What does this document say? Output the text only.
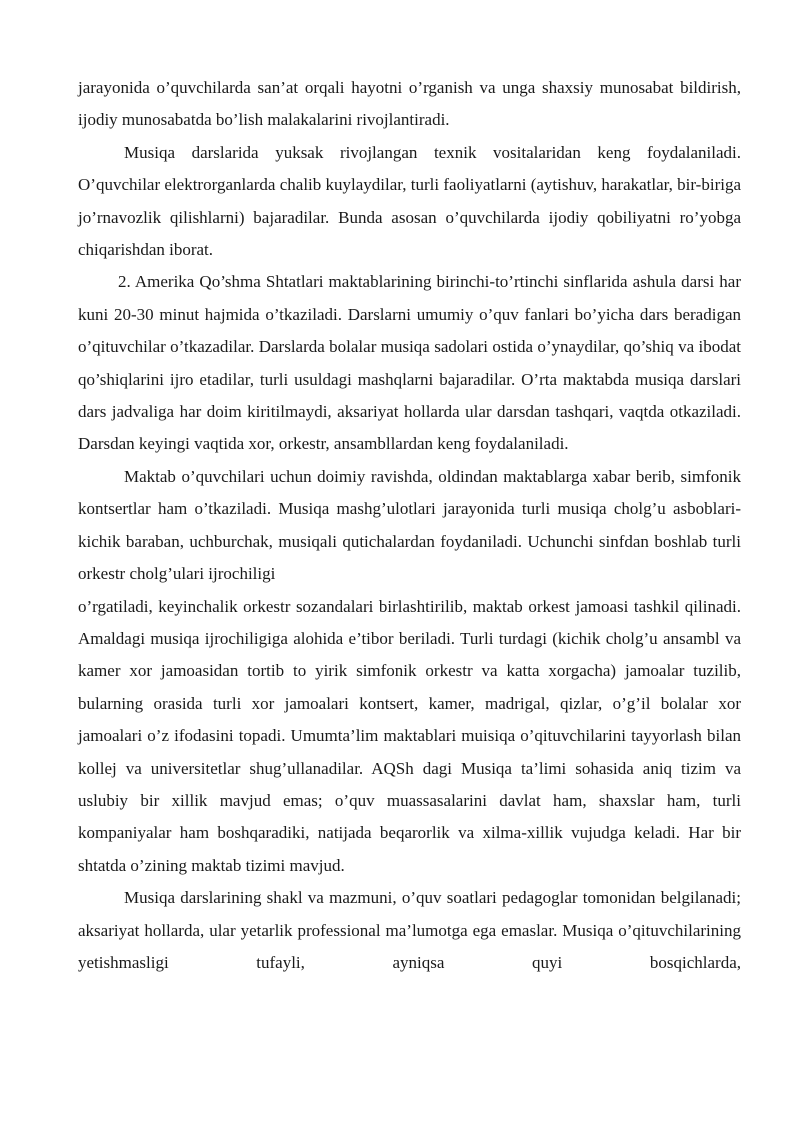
jarayonida o’quvchilarda san’at orqali hayotni o’rganish va unga shaxsiy munosabat bildirish, ijodiy munosabatda bo’lish malakalarini rivojlantiradi.

Musiqa darslarida yuksak rivojlangan texnik vositalaridan keng foydalaniladi. O’quvchilar elektrorganlarda chalib kuylaydilar, turli faoliyatlarni (aytishuv, harakatlar, bir-biriga jo’rnavozlik qilishlarni) bajaradilar. Bunda asosan o’quvchilarda ijodiy qobiliyatni ro’yobga chiqarishdan iborat.

2. Amerika Qo’shma Shtatlari maktablarining birinchi-to’rtinchi sinflarida ashula darsi har kuni 20-30 minut hajmida o’tkaziladi. Darslarni umumiy o’quv fanlari bo’yicha dars beradigan o’qituvchilar o’tkazadilar. Darslarda bolalar musiqa sadolari ostida o’ynaydilar, qo’shiq va ibodat qo’shiqlarini ijro etadilar, turli usuldagi mashqlarni bajaradilar. O’rta maktabda musiqa darslari dars jadvaliga har doim kiritilmaydi, aksariyat hollarda ular darsdan tashqari, vaqtda otkaziladi. Darsdan keyingi vaqtida xor, orkestr, ansambllardan keng foydalaniladi.

Maktab o’quvchilari uchun doimiy ravishda, oldindan maktablarga xabar berib, simfonik kontsertlar ham o’tkaziladi. Musiqa mashg’ulotlari jarayonida turli musiqa cholg’u asboblari-kichik baraban, uchburchak, musiqali qutichalardan foydaniladi. Uchunchi sinfdan boshlab turli orkestr cholg’ulari ijrochiligi

o’rgatiladi, keyinchalik orkestr sozandalari birlashtirilib, maktab orkest jamoasi tashkil qilinadi. Amaldagi musiqa ijrochiligiga alohida e’tibor beriladi. Turli turdagi (kichik cholg’u ansambl va kamer xor jamoasidan tortib to yirik simfonik orkestr va katta xorgacha) jamoalar tuzilib, bularning orasida turli xor jamoalari kontsert, kamer, madrigal, qizlar, o’g’il bolalar xor jamoalari o’z ifodasini topadi. Umumta’lim maktablari muisiqa o’qituvchilarini tayyorlash bilan kollej va universitetlar shug’ullanadilar. AQSh dagi Musiqa ta’limi sohasida aniq tizim va uslubiy bir xillik mavjud emas; o’quv muassasalarini davlat ham, shaxslar ham, turli kompaniyalar ham boshqaradiki, natijada beqarorlik va xilma-xillik vujudga keladi. Har bir shtatda o’zining maktab tizimi mavjud.

Musiqa darslarining shakl va mazmuni, o’quv soatlari pedagoglar tomonidan belgilanadi; aksariyat hollarda, ular yetarlik professional ma’lumotga ega emaslar. Musiqa o’qituvchilarining yetishmasligi tufayli, ayniqsa quyi bosqichlarda,
